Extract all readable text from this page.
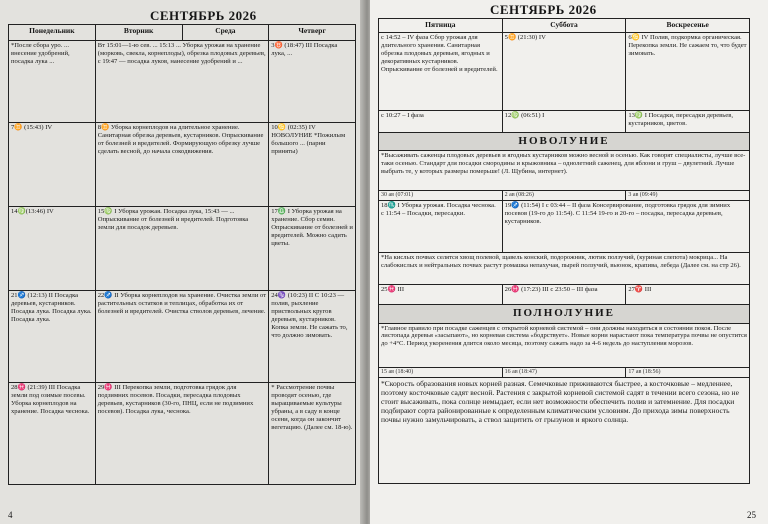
СЕНТЯБРЬ 2026
Понедельник	Вторник	Среда	Четверг
*После сбора уро. ... внесение удобрений, посадка лука ...	Вт 15:01—1-ю сев. ... 15:13 ... Уборка урожая на хранение (морковь, свекла, корнеплоды), обрезка плодовых деревьев, с 19:47 — посадка луков, нанесение удобрений и ...		3♉ (18:47) III Посадка лука, ...
7♊ (15:43) IV	8♊ Уборка корнеплодов на длительное хранение. Санитарная обрезка деревьев, кустарников. Опрыскивание от болезней и вредителей. Формирующую обрезку лучше сделать весной, до начала сокодвижения.		10♋ (02:35) IV НОВОЛУНИЕ *Пожилым большого ... (парни приняты)
14♍(13:46) IV	15♍ I Уборка урожая. Посадка лука, 15:43 — ... Опрыскивание от болезней и вредителей. Подготовка земли для посадок деревьев.		17♎ I Уборка урожая на хранение. Сбор семян. Опрыскивание от болезней и вредителей. Можно садить цветы.
21♐ (12:13) II Посадка деревьев, кустарников. Посадка лука. Посадка лука. Посадка лука.	22♐ II Уборка корнеплодов на хранение. Очистка земли от растительных остатков и теплицах, обработка их от болезней и вредителей. Очистка стволов деревьев, лечение.		24♑ (10:23) II С 10:23 — полив, рыхление приствольных кругов деревьев, кустарников. Копка земли. Не сажать то, что должно зимовать.
28♓ (21:39) III Посадка земли под озимые посевы. Уборка корнеплодов на хранение. Посадка чеснока.	29♓ III Перекопка земли, подготовка грядок для подзимних посевов. Посадки, пересадка плодовых деревьев, кустарников (30-го, ПНЦ, если не подзимних посевов). Посадка лука, чеснока.		* Рассмотрение почвы проводят осенью, где выращиваемые культуры убраны, а в саду в конце осени, когда он закончит вегетацию. (Далее см. 18-ю).
4
СЕНТЯБРЬ 2026
Пятница	Суббота	Воскресенье
с 14:52 – IV фаза Сбор урожая для длительного хранения. Санитарная обрезка плодовых деревьев, ягодных и декоративных кустарников. Опрыскивание от болезней и вредителей.	5♊ (21:30) IV	6♋ IV Полив, подкормка органическая. Перекопка земли. Не сажаем то, что будет зимовать.
с 10:27 – I фаза	12♍ (06:51) I	13♍ I Посадки, пересадки деревьев, кустарников, цветов.
НОВОЛУНИЕ		
*Высаживать саженцы плодовых деревьев и ягодных кустарников можно весной и осенью. Как говорят специалисты, лучше все-таки осенью. Стандарт для посадки смородины и крыжовника – однолетний саженец, для яблони и груш – двулетний. Лучше выбрать те, у которых размеры померьше! (Л. Щубина, интернет).		
30 ав (07:01)	2 ав (08:26)	3 ав (09:49)
18♏ I Уборка урожая. Посадка чеснока. с 11:54 – Посадки, пересадки.	19♐ (11:54) I с 03:44 – II фаза Консервирование, подготовка грядок для зимних посевов (19-го до 11:54). С 11:54 19-го и 20-го – посадка, пересадка деревьев, кустарников.	
*На кислых почвах селятся хвощ полевой, щавель конский, подорожник, лютик ползучий, (куриная слепота) мокрица... На слабокислых и нейтральных почвах растут ромашка непахучая, пырей ползучий, вьюнок, крапива, лебеда (Далее см. на стр 26).		
25♓ III	26♓ (17:23) III с 23:50 – III фаза	27♈ III
ПОЛНОЛУНИЕ		
*Главное правило при посадке саженцев с открытой корневой системой – они должны находиться в состоянии покоя. После листопада деревья «засыпают», но корневая система «бодрствует». Новые корни нарастают пока температура почвы не опустится до +4°С. Период укоренения длится около месяца, поэтому сажать надо за 4-6 недель до наступления морозов.		
15 ав (18:40)	16 ав (18:47)	17 ав (18:56)
*Скорость образования новых корней разная. Семечковые приживаются быстрее, а косточковые – медленнее, поэтому косточковые садят весной. Растения с закрытой корневой системой садят в течении всего сезона, но не стоит высаживать, пока солнце немыдает, если нет возможности обеспечить полив и затемнение. Для посадки подбирают сорта районированные к определенным климатическим условиям. До прихода зимы поверхность почвы нужно замульчировать, а ствол защитить от грызунов и яркого солнца.		
25
